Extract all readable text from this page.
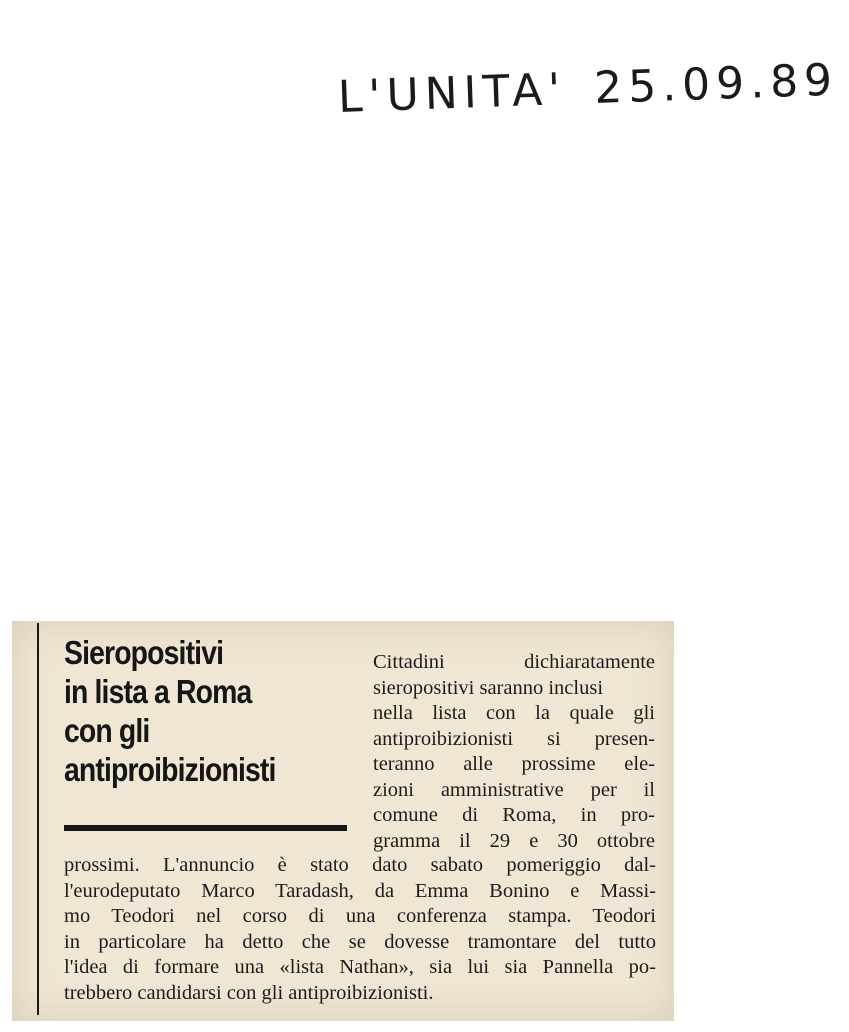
L'UNITA' 25.09.89
Sieropositivi
in lista a Roma
con gli
antiproibizionisti

Cittadini dichiaratamente
sieropositivi saranno inclusi
nella lista con la quale gli
antiproibizionisti si presen-
teranno alle prossime ele-
zioni amministrative per il
comune di Roma, in pro-
gramma il 29 e 30 ottobre

prossimi. L'annuncio è stato dato sabato pomeriggio dal-
l'eurodeputato Marco Taradash, da Emma Bonino e Massi-
mo Teodori nel corso di una conferenza stampa. Teodori
in particolare ha detto che se dovesse tramontare del tutto
l'idea di formare una «lista Nathan», sia lui sia Pannella po-
trebbero candidarsi con gli antiproibizionisti.
